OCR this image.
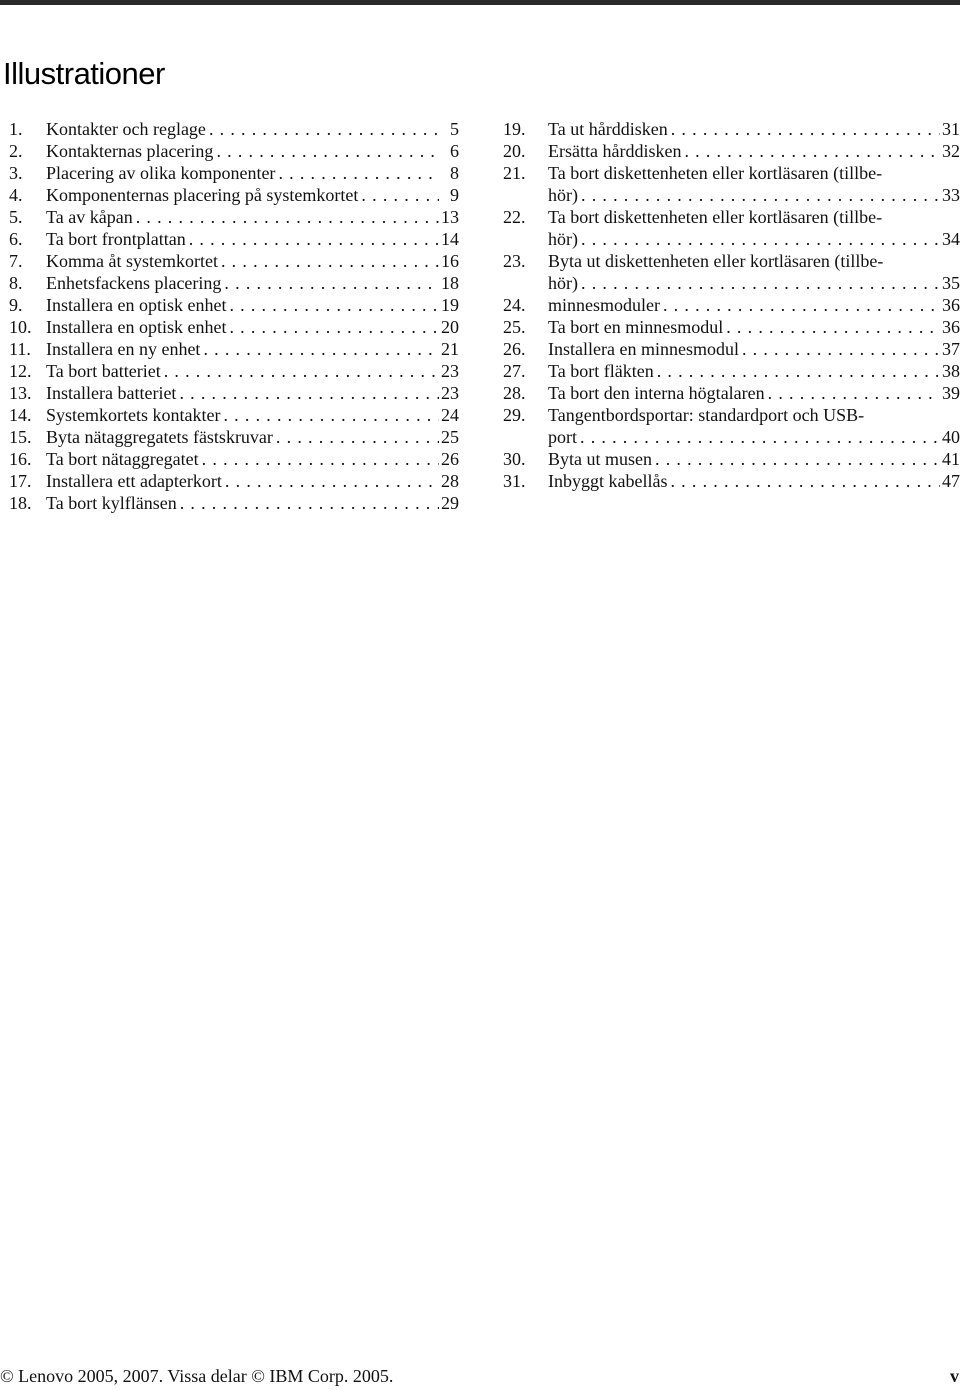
Illustrationer
1.	Kontakter och reglage . . .	5
2.	Kontakternas placering . . .	6
3.	Placering av olika komponenter . . .	8
4.	Komponenternas placering på systemkortet . . .	9
5.	Ta av kåpan . . .	13
6.	Ta bort frontplattan . . .	14
7.	Komma åt systemkortet . . .	16
8.	Enhetsfackens placering . . .	18
9.	Installera en optisk enhet . . .	19
10. Installera en optisk enhet . . .	20
11. Installera en ny enhet . . .	21
12. Ta bort batteriet . . .	23
13. Installera batteriet . . .	23
14. Systemkortets kontakter . . .	24
15. Byta nätaggregatets fästskruvar . . .	25
16. Ta bort nätaggregatet . . .	26
17. Installera ett adapterkort . . .	28
18. Ta bort kylflänsen . . .	29
19.	Ta ut hårddisken . . .	31
20.	Ersätta hårddisken . . .	32
21.	Ta bort diskettenheten eller kortläsaren (tillbe-
hör) . . .	33
22.	Ta bort diskettenheten eller kortläsaren (tillbe-
hör) . . .	34
23.	Byta ut diskettenheten eller kortläsaren (tillbe-
hör) . . .	35
24.	minnesmoduler . . .	36
25.	Ta bort en minnesmodul . . .	36
26.	Installera en minnesmodul . . .	37
27.	Ta bort fläkten . . .	38
28.	Ta bort den interna högtalaren . . .	39
29.	Tangentbordsportar: standardport och USB-
port . . .	40
30.	Byta ut musen . . .	41
31.	Inbyggt kabellås . . .	47
© Lenovo 2005, 2007. Vissa delar © IBM Corp. 2005.	v
